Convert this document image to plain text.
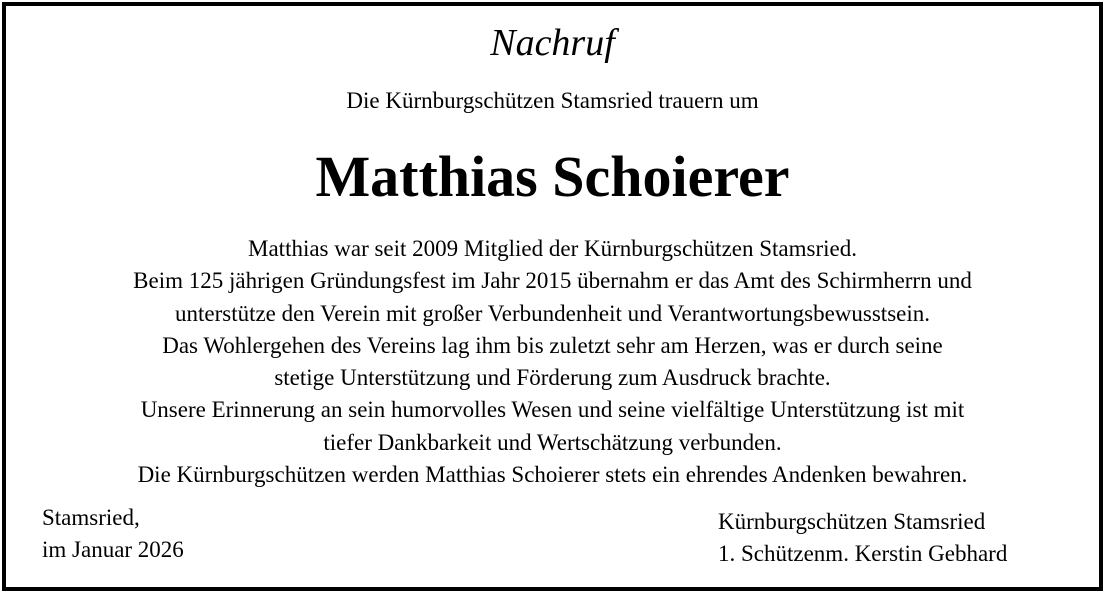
Nachruf
Die Kürnburgschützen Stamsried trauern um
Matthias Schoierer
Matthias war seit 2009 Mitglied der Kürnburgschützen Stamsried.
Beim 125 jährigen Gründungsfest im Jahr 2015 übernahm er das Amt des Schirmherrn und
unterstütze den Verein mit großer Verbundenheit und Verantwortungsbewusstsein.
Das Wohlergehen des Vereins lag ihm bis zuletzt sehr am Herzen, was er durch seine
stetige Unterstützung und Förderung zum Ausdruck brachte.
Unsere Erinnerung an sein humorvolles Wesen und seine vielfältige Unterstützung ist mit
tiefer Dankbarkeit und Wertschätzung verbunden.
Die Kürnburgschützen werden Matthias Schoierer stets ein ehrendes Andenken bewahren.
Stamsried,
im Januar 2026
Kürnburgschützen Stamsried
1. Schützenm. Kerstin Gebhard
